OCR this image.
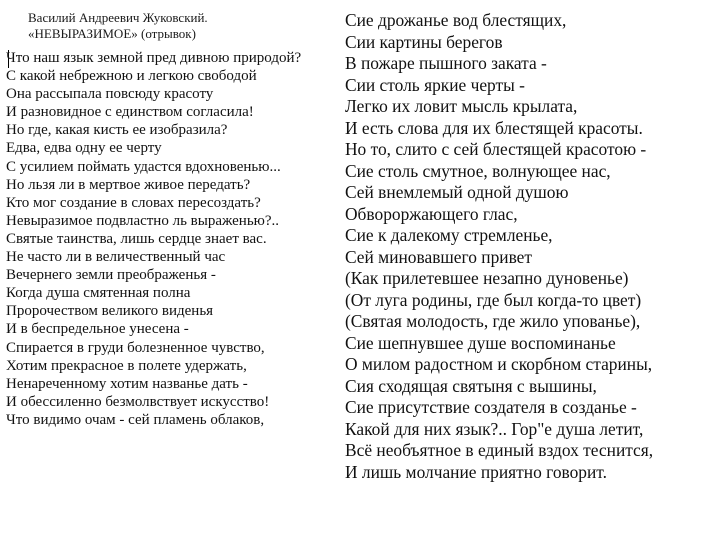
Василий Андреевич Жуковский.
«НЕВЫРАЗИМОЕ» (отрывок)
Что наш язык земной пред дивною природой?
С какой небрежною и легкою свободой
Она рассыпала повсюду красоту
И разновидное с единством согласила!
Но где, какая кисть ее изобразила?
Едва, едва одну ее черту
С усилием поймать удастся вдохновенью...
Но льзя ли в мертвое живое передать?
Кто мог создание в словах пересоздать?
Невыразимое подвластно ль выраженью?..
Святые таинства, лишь сердце знает вас.
Не часто ли в величественный час
Вечернего земли преображенья -
Когда душа смятенная полна
Пророчеством великого виденья
И в беспредельное унесена -
Спирается в груди болезненное чувство,
Хотим прекрасное в полете удержать,
Ненареченному хотим названье дать -
И обессиленно безмолвствует искусство!
Что видимо очам - сей пламень облаков,
Сие дрожанье вод блестящих,
Сии картины берегов
В пожаре пышного заката -
Сии столь яркие черты -
Легко их ловит мысль крылата,
И есть слова для их блестящей красоты.
Но то, слито с сей блестящей красотою -
Сие столь смутное, волнующее нас,
Сей внемлемый одной душою
Обвороржающего глас,
Сие к далекому стремленье,
Сей миновавшего привет
(Как прилетевшее незапно дуновенье)
(От луга родины, где был когда-то цвет)
(Святая молодость, где жило упованье),
Сие шепнувшее душе воспоминанье
О милом радостном и скорбном старины,
Сия сходящая святыня с вышины,
Сие присутствие создателя в созданье -
Какой для них язык?.. Гор"е душа летит,
Всё необъятное в единый вздох теснится,
И лишь молчание приятно говорит.
